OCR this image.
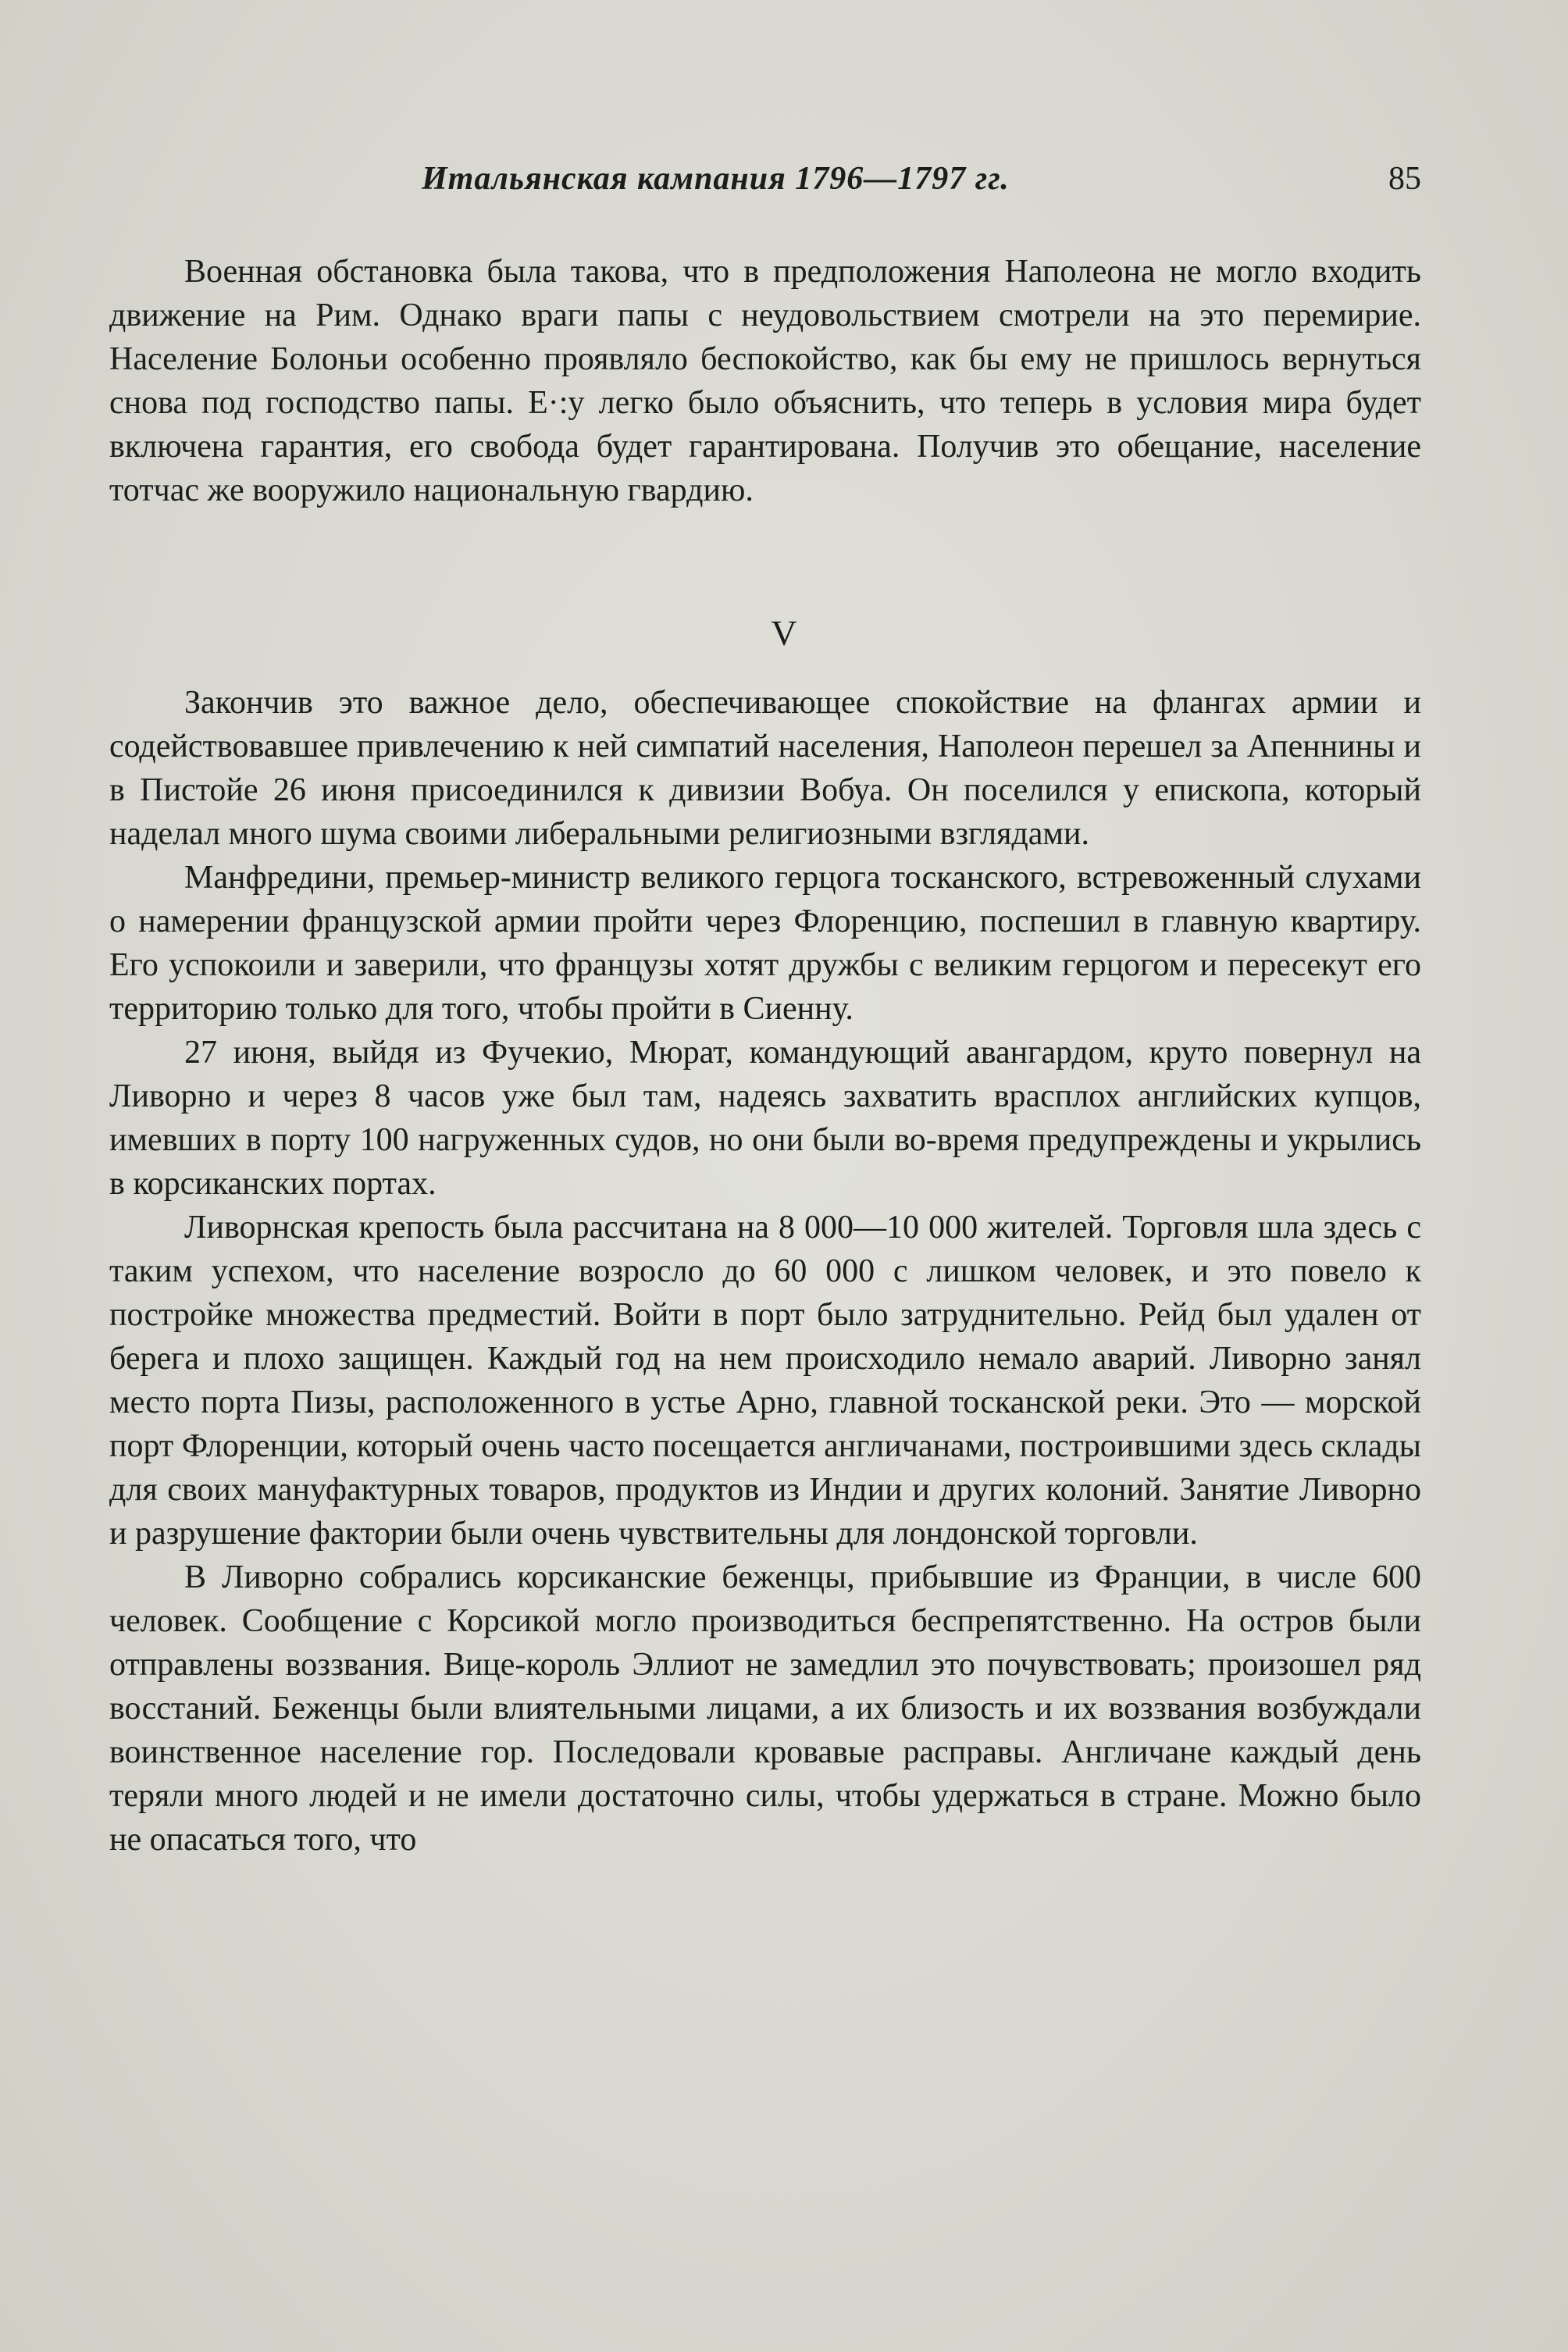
Итальянская кампания 1796—1797 гг.	85

Военная обстановка была такова, что в предположения Наполеона не могло входить движение на Рим. Однако враги папы с неудовольствием смотрели на это перемирие. Население Болоньи особенно проявляло беспокойство, как бы ему не пришлось вернуться снова под господство папы. Е·:у легко было объяснить, что теперь в условия мира будет включена гарантия, его свобода будет гарантирована. Получив это обещание, население тотчас же вооружило национальную гвардию.

V

Закончив это важное дело, обеспечивающее спокойствие на флангах армии и содействовавшее привлечению к ней симпатий населения, Наполеон перешел за Апеннины и в Пистойе 26 июня присоединился к дивизии Вобуа. Он поселился у епископа, который наделал много шума своими либеральными религиозными взглядами.

Манфредини, премьер-министр великого герцога тосканского, встревоженный слухами о намерении французской армии пройти через Флоренцию, поспешил в главную квартиру. Его успокоили и заверили, что французы хотят дружбы с великим герцогом и пересекут его территорию только для того, чтобы пройти в Сиенну.

27 июня, выйдя из Фучекио, Мюрат, командующий авангардом, круто повернул на Ливорно и через 8 часов уже был там, надеясь захватить врасплох английских купцов, имевших в порту 100 нагруженных судов, но они были во-время предупреждены и укрылись в корсиканских портах.

Ливорнская крепость была рассчитана на 8 000—10 000 жителей. Торговля шла здесь с таким успехом, что население возросло до 60 000 с лишком человек, и это повело к постройке множества предместий. Войти в порт было затруднительно. Рейд был удален от берега и плохо защищен. Каждый год на нем происходило немало аварий. Ливорно занял место порта Пизы, расположенного в устье Арно, главной тосканской реки. Это — морской порт Флоренции, который очень часто посещается англичанами, построившими здесь склады для своих мануфактурных товаров, продуктов из Индии и других колоний. Занятие Ливорно и разрушение фактории были очень чувствительны для лондонской торговли.

В Ливорно собрались корсиканские беженцы, прибывшие из Франции, в числе 600 человек. Сообщение с Корсикой могло производиться беспрепятственно. На остров были отправлены воззвания. Вице-король Эллиот не замедлил это почувствовать; произошел ряд восстаний. Беженцы были влиятельными лицами, а их близость и их воззвания возбуждали воинственное население гор. Последовали кровавые расправы. Англичане каждый день теряли много людей и не имели достаточно силы, чтобы удержаться в стране. Можно было не опасаться того, что
